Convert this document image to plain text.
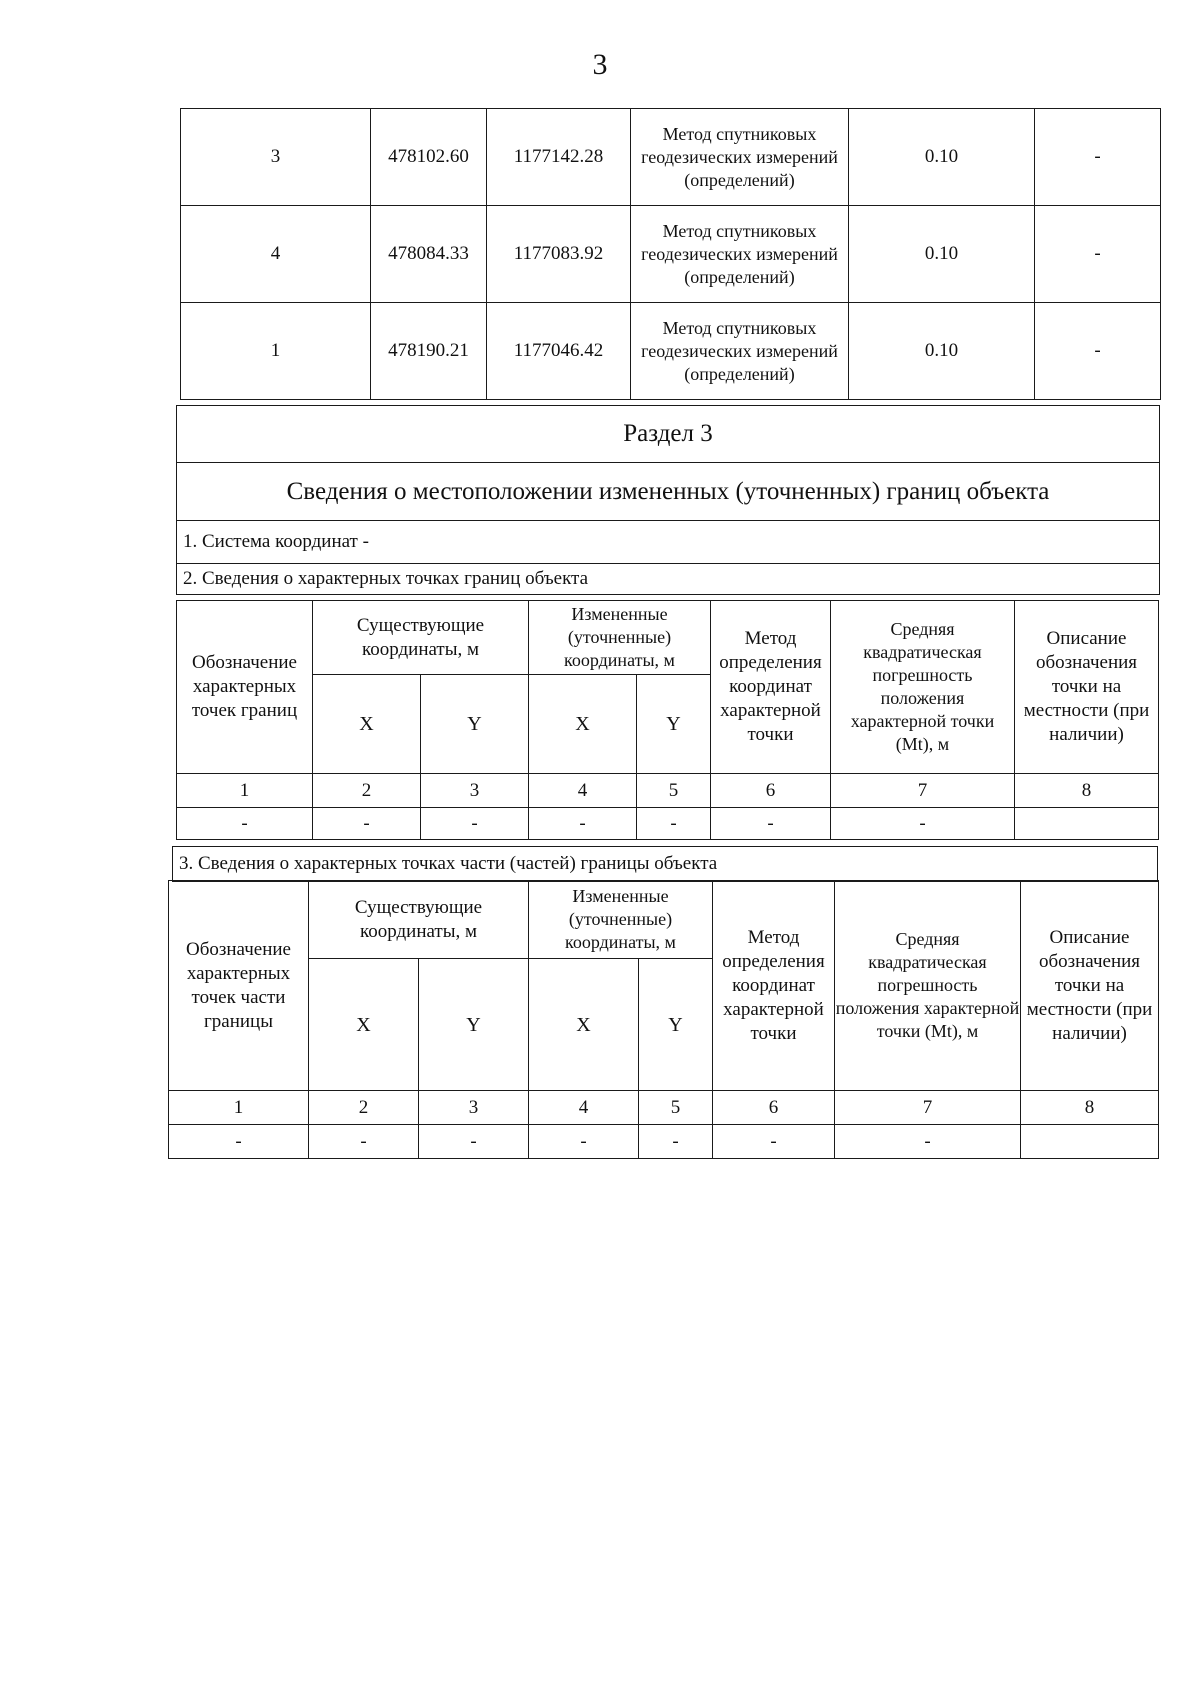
3
3	478102.60	1177142.28	Метод спутниковых геодезических измерений (определений)	0.10	-
4	478084.33	1177083.92	Метод спутниковых геодезических измерений (определений)	0.10	-
1	478190.21	1177046.42	Метод спутниковых геодезических измерений (определений)	0.10	-
Раздел 3
Сведения о местоположении измененных (уточненных) границ объекта
1. Система координат -
2. Сведения о характерных точках границ объекта
Обозначение характерных точек границ	Существующие координаты, м		Измененные (уточненные) координаты, м		Метод определения координат характерной точки	Средняя квадратическая погрешность положения характерной точки (Mt), м	Описание обозначения точки на местности (при наличии)
	X	Y	X	Y			
1	2	3	4	5	6	7	8
-	-	-	-	-	-	-	
3. Сведения о характерных точках части (частей) границы объекта
Обозначение характерных точек части границы	Существующие координаты, м		Измененные (уточненные) координаты, м		Метод определения координат характерной точки	Средняя квадратическая погрешность положения характерной точки (Mt), м	Описание обозначения точки на местности (при наличии)
	X	Y	X	Y			
1	2	3	4	5	6	7	8
-	-	-	-	-	-	-	
